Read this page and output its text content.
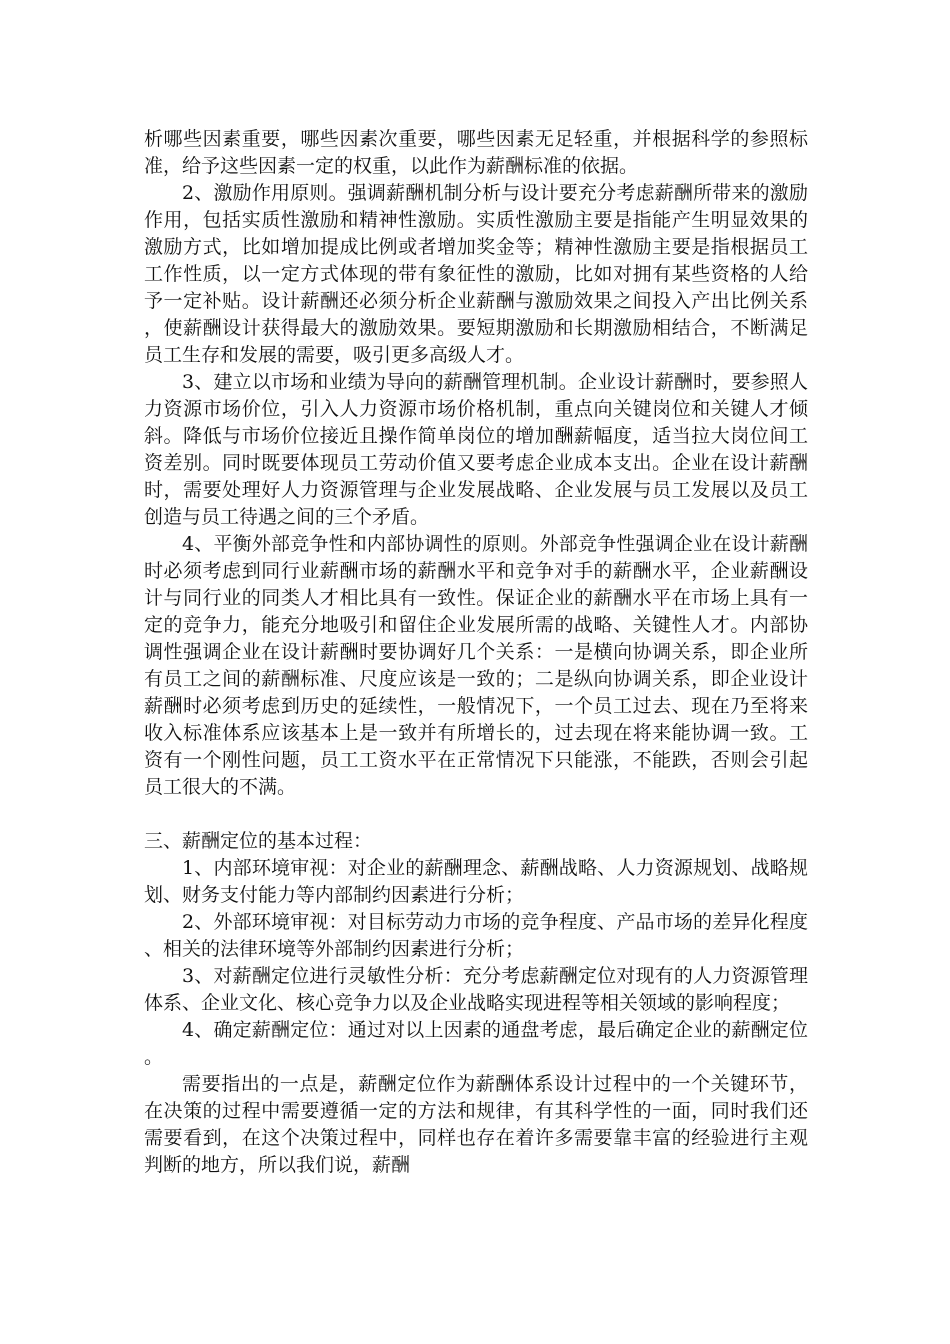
析哪些因素重要，哪些因素次重要，哪些因素无足轻重，并根据科学的参照标准，给予这些因素一定的权重，以此作为薪酬标准的依据。

2、激励作用原则。强调薪酬机制分析与设计要充分考虑薪酬所带来的激励作用，包括实质性激励和精神性激励。实质性激励主要是指能产生明显效果的激励方式，比如增加提成比例或者增加奖金等；精神性激励主要是指根据员工工作性质，以一定方式体现的带有象征性的激励，比如对拥有某些资格的人给予一定补贴。设计薪酬还必须分析企业薪酬与激励效果之间投入产出比例关系，使薪酬设计获得最大的激励效果。要短期激励和长期激励相结合，不断满足员工生存和发展的需要，吸引更多高级人才。

3、建立以市场和业绩为导向的薪酬管理机制。企业设计薪酬时，要参照人力资源市场价位，引入人力资源市场价格机制，重点向关键岗位和关键人才倾斜。降低与市场价位接近且操作简单岗位的增加酬薪幅度，适当拉大岗位间工资差别。同时既要体现员工劳动价值又要考虑企业成本支出。企业在设计薪酬时，需要处理好人力资源管理与企业发展战略、企业发展与员工发展以及员工创造与员工待遇之间的三个矛盾。

4、平衡外部竞争性和内部协调性的原则。外部竞争性强调企业在设计薪酬时必须考虑到同行业薪酬市场的薪酬水平和竞争对手的薪酬水平，企业薪酬设计与同行业的同类人才相比具有一致性。保证企业的薪酬水平在市场上具有一定的竞争力，能充分地吸引和留住企业发展所需的战略、关键性人才。内部协调性强调企业在设计薪酬时要协调好几个关系：一是横向协调关系，即企业所有员工之间的薪酬标准、尺度应该是一致的；二是纵向协调关系，即企业设计薪酬时必须考虑到历史的延续性，一般情况下，一个员工过去、现在乃至将来收入标准体系应该基本上是一致并有所增长的，过去现在将来能协调一致。工资有一个刚性问题，员工工资水平在正常情况下只能涨，不能跌，否则会引起员工很大的不满。

三、薪酬定位的基本过程：

1、内部环境审视：对企业的薪酬理念、薪酬战略、人力资源规划、战略规划、财务支付能力等内部制约因素进行分析；

2、外部环境审视：对目标劳动力市场的竞争程度、产品市场的差异化程度、相关的法律环境等外部制约因素进行分析；

3、对薪酬定位进行灵敏性分析：充分考虑薪酬定位对现有的人力资源管理体系、企业文化、核心竞争力以及企业战略实现进程等相关领域的影响程度；

4、确定薪酬定位：通过对以上因素的通盘考虑，最后确定企业的薪酬定位。

需要指出的一点是，薪酬定位作为薪酬体系设计过程中的一个关键环节，在决策的过程中需要遵循一定的方法和规律，有其科学性的一面，同时我们还需要看到，在这个决策过程中，同样也存在着许多需要靠丰富的经验进行主观判断的地方，所以我们说，薪酬
